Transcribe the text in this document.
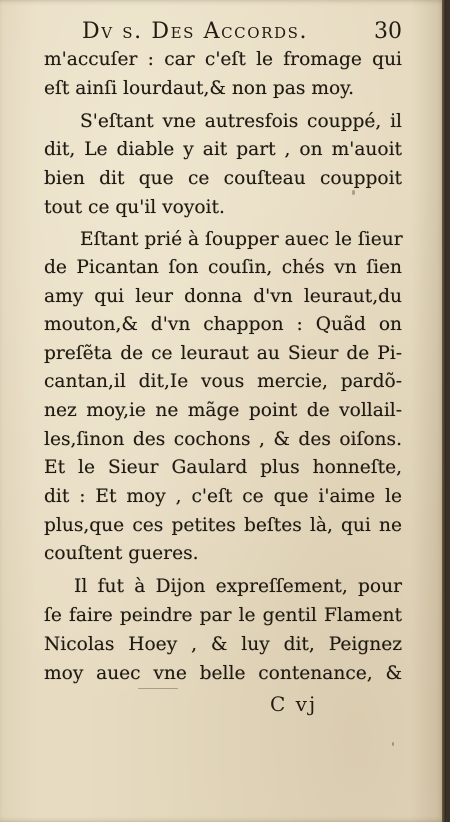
Dv s. Des Accords.	30
m'accuſer : car c'eſt le fromage qui
eſt ainſi lourdaut,& non pas moy.
S'eſtant vne autresfois couppé, il
dit, Le diable y ait part , on m'auoit
bien dit que ce couſteau couppoit
tout ce qu'il voyoit.
Eſtant prié à ſoupper auec le ſieur
de Picantan ſon couſin, chés vn ſien
amy qui leur donna d'vn leuraut,du
mouton,& d'vn chappon : Quãd on
preſẽta de ce leuraut au Sieur de Pi-
cantan,il dit,Ie vous mercie, pardõ-
nez moy,ie ne mãge point de vollail-
les,ſinon des cochons , & des oiſons.
Et le Sieur Gaulard plus honneſte,
dit : Et moy , c'eſt ce que i'aime le
plus,que ces petites beſtes là, qui ne
couſtent gueres.
Il fut à Dijon expreſſement, pour
ſe faire peindre par le gentil Flament
Nicolas Hoey , & luy dit, Peignez
moy auec vne belle contenance, &
C vj
